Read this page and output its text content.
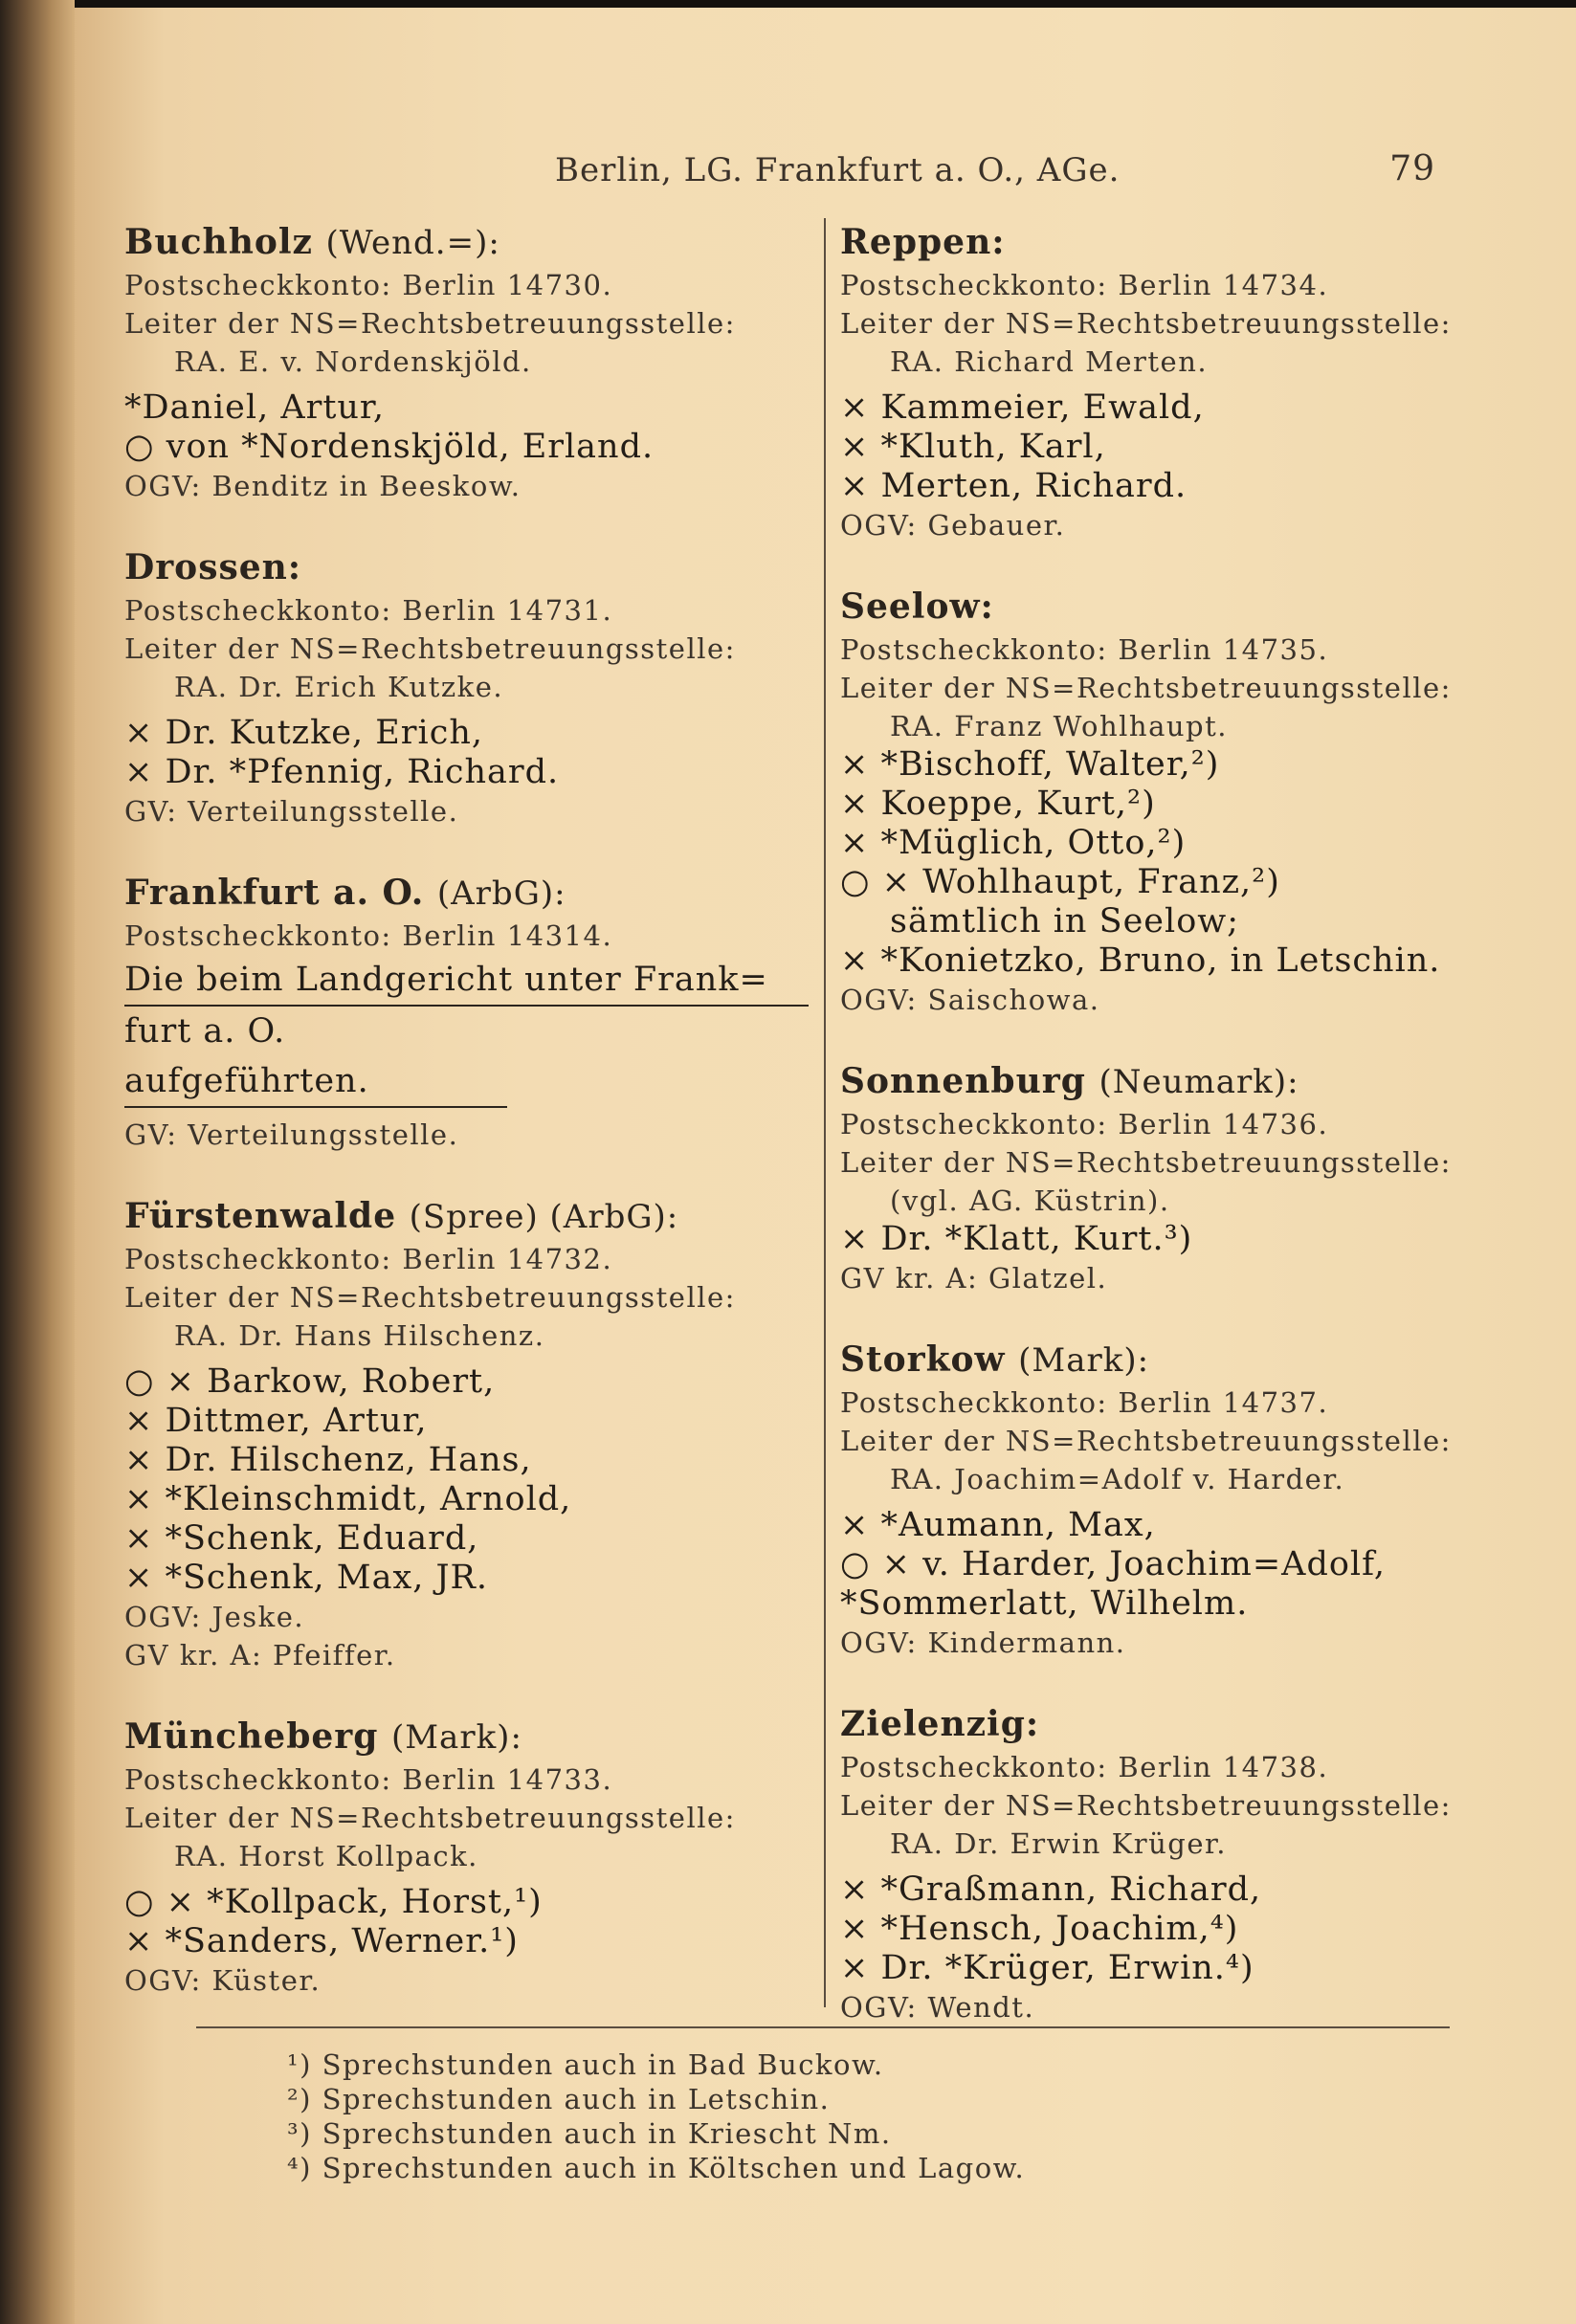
Berlin, LG. Frankfurt a. O., AGe.	79
Buchholz (Wend.=):
Postscheckkonto: Berlin 14730.
Leiter der NS=Rechtsbetreuungsstelle:
RA. E. v. Nordenskjöld.
*Daniel, Artur,
○ von *Nordenskjöld, Erland.
OGV: Benditz in Beeskow.
Drossen:
Postscheckkonto: Berlin 14731.
Leiter der NS=Rechtsbetreuungsstelle:
RA. Dr. Erich Kutzke.
× Dr. Kutzke, Erich,
× Dr. *Pfennig, Richard.
GV: Verteilungsstelle.
Frankfurt a. O. (ArbG):
Postscheckkonto: Berlin 14314.
Die beim Landgericht unter Frank=
furt a. O. aufgeführten.
GV: Verteilungsstelle.
Fürstenwalde (Spree) (ArbG):
Postscheckkonto: Berlin 14732.
Leiter der NS=Rechtsbetreuungsstelle:
RA. Dr. Hans Hilschenz.
○ × Barkow, Robert,
× Dittmer, Artur,
× Dr. Hilschenz, Hans,
× *Kleinschmidt, Arnold,
× *Schenk, Eduard,
× *Schenk, Max, JR.
OGV: Jeske.
GV kr. A: Pfeiffer.
Müncheberg (Mark):
Postscheckkonto: Berlin 14733.
Leiter der NS=Rechtsbetreuungsstelle:
RA. Horst Kollpack.
○ × *Kollpack, Horst,¹)
× *Sanders, Werner.¹)
OGV: Küster.
Reppen:
Postscheckkonto: Berlin 14734.
Leiter der NS=Rechtsbetreuungsstelle:
RA. Richard Merten.
× Kammeier, Ewald,
× *Kluth, Karl,
× Merten, Richard.
OGV: Gebauer.
Seelow:
Postscheckkonto: Berlin 14735.
Leiter der NS=Rechtsbetreuungsstelle:
RA. Franz Wohlhaupt.
× *Bischoff, Walter,²)
× Koeppe, Kurt,²)
× *Müglich, Otto,²)
○ × Wohlhaupt, Franz,²)
sämtlich in Seelow;
× *Konietzko, Bruno, in Letschin.
OGV: Saischowa.
Sonnenburg (Neumark):
Postscheckkonto: Berlin 14736.
Leiter der NS=Rechtsbetreuungsstelle:
(vgl. AG. Küstrin).
× Dr. *Klatt, Kurt.³)
GV kr. A: Glatzel.
Storkow (Mark):
Postscheckkonto: Berlin 14737.
Leiter der NS=Rechtsbetreuungsstelle:
RA. Joachim=Adolf v. Harder.
× *Aumann, Max,
○ × v. Harder, Joachim=Adolf,
*Sommerlatt, Wilhelm.
OGV: Kindermann.
Zielenzig:
Postscheckkonto: Berlin 14738.
Leiter der NS=Rechtsbetreuungsstelle:
RA. Dr. Erwin Krüger.
× *Graßmann, Richard,
× *Hensch, Joachim,⁴)
× Dr. *Krüger, Erwin.⁴)
OGV: Wendt.
¹) Sprechstunden auch in Bad Buckow.
²) Sprechstunden auch in Letschin.
³) Sprechstunden auch in Kriescht Nm.
⁴) Sprechstunden auch in Költschen und Lagow.
